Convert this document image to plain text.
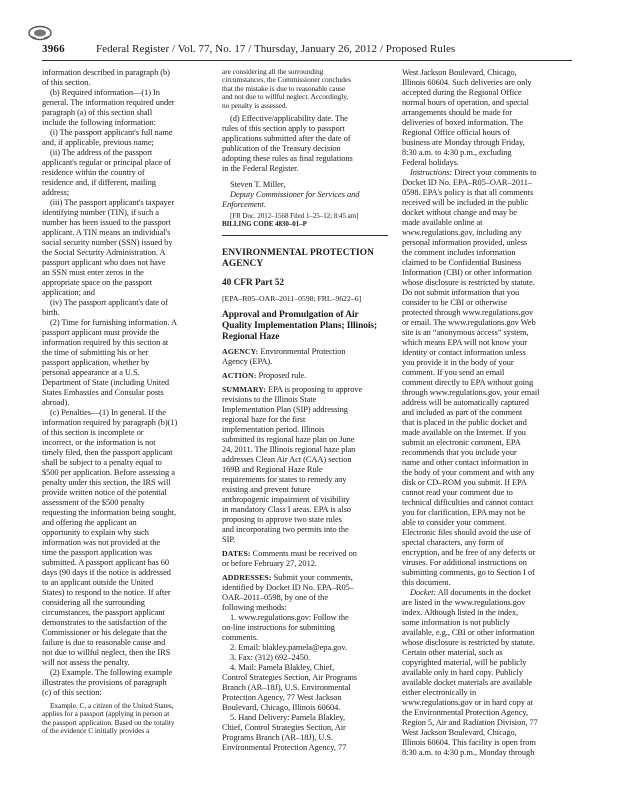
3966	Federal Register / Vol. 77, No. 17 / Thursday, January 26, 2012 / Proposed Rules
information described in paragraph (b)
of this section.
(b) Required information—(1) In
general. The information required under
paragraph (a) of this section shall
include the following information:
(i) The passport applicant's full name
and, if applicable, previous name;
(ii) The address of the passport
applicant's regular or principal place of
residence within the country of
residence and, if different, mailing
address;
(iii) The passport applicant's taxpayer
identifying number (TIN), if such a
number has been issued to the passport
applicant. A TIN means an individual's
social security number (SSN) issued by
the Social Security Administration. A
passport applicant who does not have
an SSN must enter zeros in the
appropriate space on the passport
application; and
(iv) The passport applicant's date of
birth.
(2) Time for furnishing information. A
passport applicant must provide the
information required by this section at
the time of submitting his or her
passport application, whether by
personal appearance at a U.S.
Department of State (including United
States Embassies and Consular posts
abroad).
(c) Penalties—(1) In general. If the
information required by paragraph (b)(1)
of this section is incomplete or
incorrect, or the information is not
timely filed, then the passport applicant
shall be subject to a penalty equal to
$500 per application. Before assessing a
penalty under this section, the IRS will
provide written notice of the potential
assessment of the $500 penalty
requesting the information being sought,
and offering the applicant an
opportunity to explain why such
information was not provided at the
time the passport application was
submitted. A passport applicant has 60
days (90 days if the notice is addressed
to an applicant outside the United
States) to respond to the notice. If after
considering all the surrounding
circumstances, the passport applicant
demonstrates to the satisfaction of the
Commissioner or his delegate that the
failure is due to reasonable cause and
not due to willful neglect, then the IRS
will not assess the penalty.
(2) Example. The following example
illustrates the provisions of paragraph
(c) of this section:
Example. C, a citizen of the United States,
applies for a passport (applying in person at
the passport application. Based on the totality
of the evidence C initially provides a
are considering all the surrounding
circumstances, the Commissioner concludes
that the mistake is due to reasonable cause
and not due to willful neglect. Accordingly,
no penalty is assessed.
(d) Effective/applicability date. The
rules of this section apply to passport
applications submitted after the date of
publication of the Treasury decision
adopting these rules as final regulations
in the Federal Register.
Steven T. Miller,
Deputy Commissioner for Services and
Enforcement.
[FR Doc. 2012–1568 Filed 1–25–12; 8:45 am]
BILLING CODE 4830–01–P
ENVIRONMENTAL PROTECTION
AGENCY
40 CFR Part 52
[EPA–R05–OAR–2011–0598; FRL–9622–6]
Approval and Promulgation of Air
Quality Implementation Plans; Illinois;
Regional Haze
AGENCY: Environmental Protection
Agency (EPA).
ACTION: Proposed rule.
SUMMARY: EPA is proposing to approve
revisions to the Illinois State
Implementation Plan (SIP) addressing
regional haze for the first
implementation period. Illinois
submitted its regional haze plan on June
24, 2011. The Illinois regional haze plan
addresses Clean Air Act (CAA) section
169B and Regional Haze Rule
requirements for states to remedy any
existing and prevent future
anthropogenic impairment of visibility
in mandatory Class I areas. EPA is also
proposing to approve two state rules
and incorporating two permits into the
SIP.
DATES: Comments must be received on
or before February 27, 2012.
ADDRESSES: Submit your comments,
identified by Docket ID No. EPA–R05–
OAR–2011–0598, by one of the
following methods:
1. www.regulations.gov: Follow the
on-line instructions for submitting
comments.
2. Email: blakley.pamela@epa.gov.
3. Fax: (312) 692–2450.
4. Mail: Pamela Blakley, Chief,
Control Strategies Section, Air Programs
Branch (AR–18J), U.S. Environmental
Protection Agency, 77 West Jackson
Boulevard, Chicago, Illinois 60604.
5. Hand Delivery: Pamela Blakley,
Chief, Control Strategies Section, Air
Programs Branch (AR–18J), U.S.
Environmental Protection Agency, 77
West Jackson Boulevard, Chicago,
Illinois 60604. Such deliveries are only
accepted during the Regional Office
normal hours of operation, and special
arrangements should be made for
deliveries of boxed information. The
Regional Office official hours of
business are Monday through Friday,
8:30 a.m. to 4:30 p.m., excluding
Federal holidays.
Instructions: Direct your comments to
Docket ID No. EPA–R05–OAR–2011–
0598. EPA's policy is that all comments
received will be included in the public
docket without change and may be
made available online at
www.regulations.gov, including any
personal information provided, unless
the comment includes information
claimed to be Confidential Business
Information (CBI) or other information
whose disclosure is restricted by statute.
Do not submit information that you
consider to be CBI or otherwise
protected through www.regulations.gov
or email. The www.regulations.gov Web
site is an “anonymous access” system,
which means EPA will not know your
identity or contact information unless
you provide it in the body of your
comment. If you send an email
comment directly to EPA without going
through www.regulations.gov, your email
address will be automatically captured
and included as part of the comment
that is placed in the public docket and
made available on the Internet. If you
submit an electronic comment, EPA
recommends that you include your
name and other contact information in
the body of your comment and with any
disk or CD–ROM you submit. If EPA
cannot read your comment due to
technical difficulties and cannot contact
you for clarification, EPA may not be
able to consider your comment.
Electronic files should avoid the use of
special characters, any form of
encryption, and be free of any defects or
viruses. For additional instructions on
submitting comments, go to Section I of
this document.
Docket: All documents in the docket
are listed in the www.regulations.gov
index. Although listed in the index,
some information is not publicly
available, e.g., CBI or other information
whose disclosure is restricted by statute.
Certain other material, such as
copyrighted material, will be publicly
available only in hard copy. Publicly
available docket materials are available
either electronically in
www.regulations.gov or in hard copy at
the Environmental Protection Agency,
Region 5, Air and Radiation Division, 77
West Jackson Boulevard, Chicago,
Illinois 60604. This facility is open from
8:30 a.m. to 4:30 p.m., Monday through
